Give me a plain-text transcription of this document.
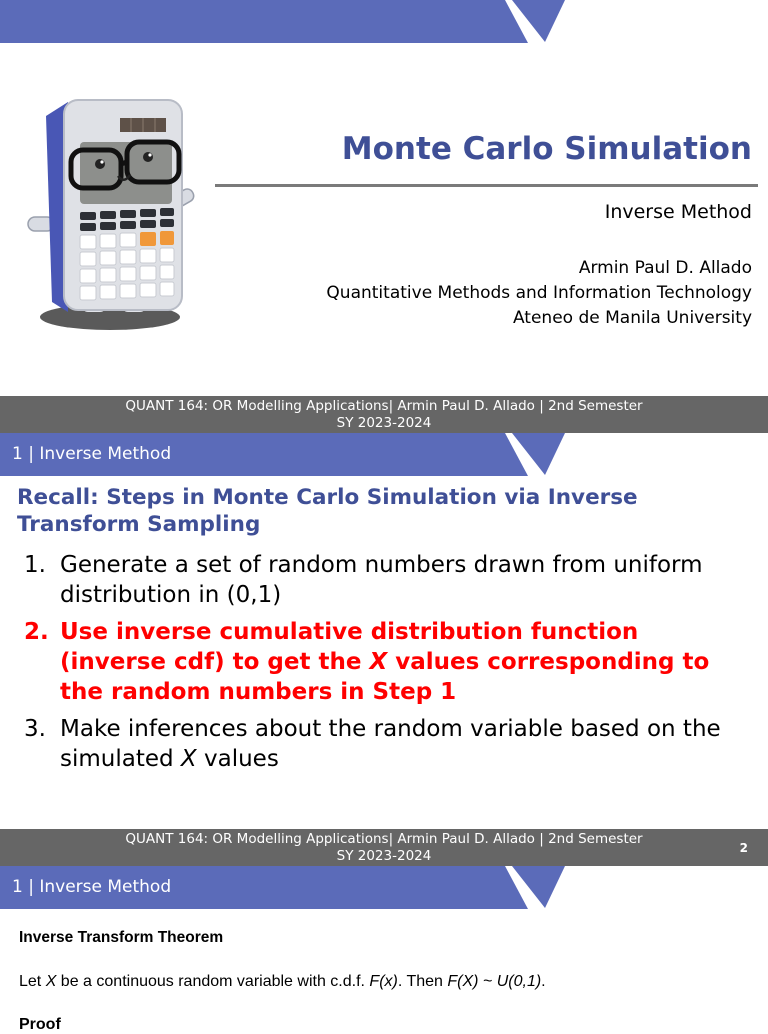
Monte Carlo Simulation
Inverse Method
Armin Paul D. Allado
Quantitative Methods and Information Technology
Ateneo de Manila University
QUANT 164: OR Modelling Applications| Armin Paul D. Allado | 2nd Semester
SY 2023-2024
1 | Inverse Method
Recall: Steps in Monte Carlo Simulation via Inverse Transform Sampling
1. Generate a set of random numbers drawn from uniform distribution in (0,1)
2. Use inverse cumulative distribution function (inverse cdf) to get the X values corresponding to the random numbers in Step 1
3. Make inferences about the random variable based on the simulated X values
QUANT 164: OR Modelling Applications| Armin Paul D. Allado | 2nd Semester
SY 2023-2024	2
1 | Inverse Method
Inverse Transform Theorem
Let X be a continuous random variable with c.d.f. F(x). Then F(X) ~ U(0,1).
Proof
